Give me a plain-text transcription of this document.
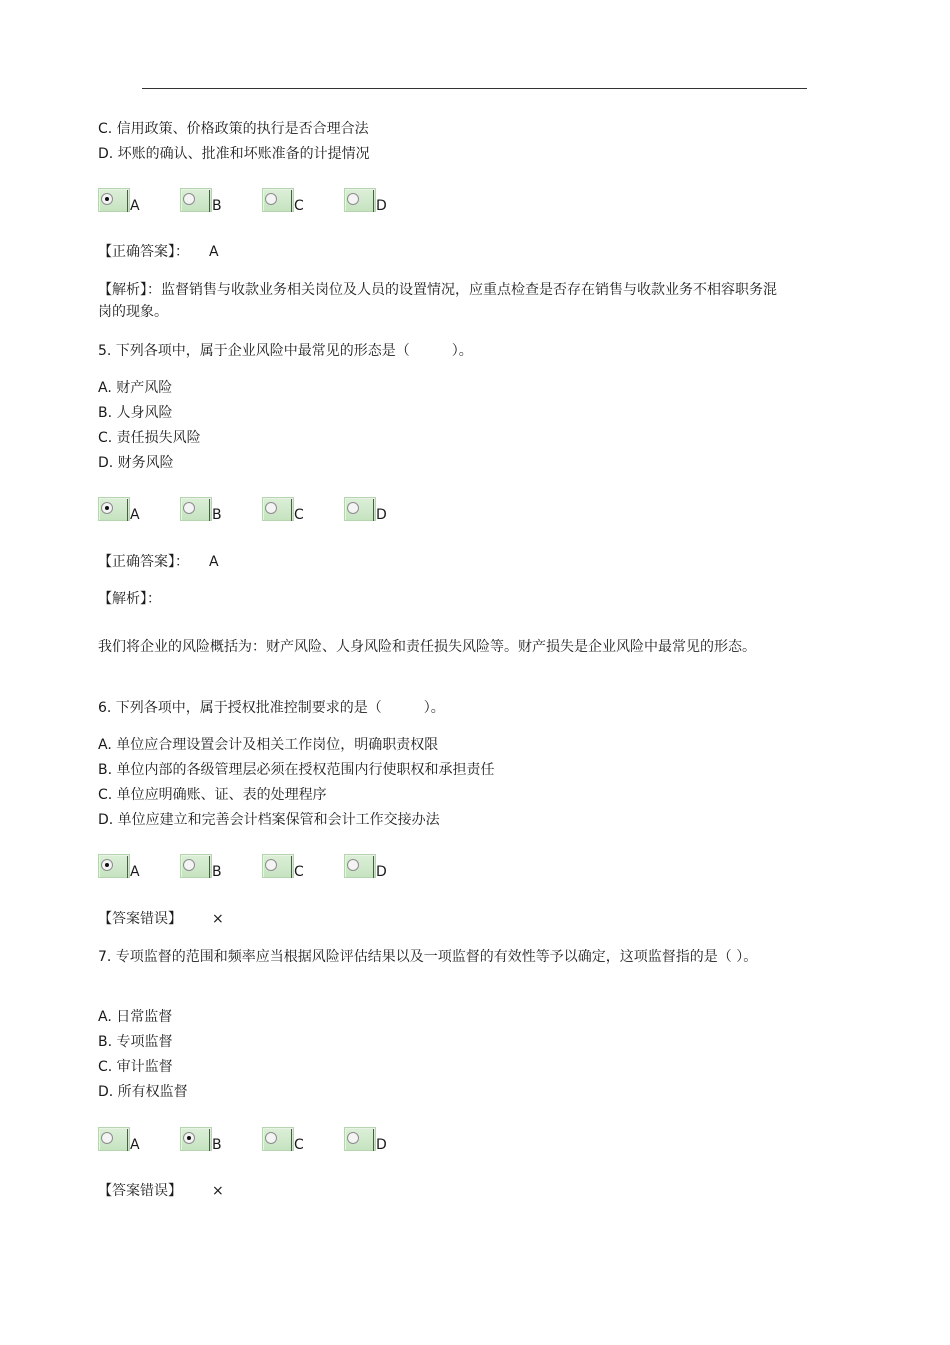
C. 信用政策、价格政策的执行是否合理合法
D. 坏账的确认、批准和坏账准备的计提情况
A	B	C	D
【正确答案】： A
【解析】：监督销售与收款业务相关岗位及人员的设置情况，应重点检查是否存在销售与收款业务不相容职务混岗的现象。
5. 下列各项中，属于企业风险中最常见的形态是（　　　）。
A. 财产风险
B. 人身风险
C. 责任损失风险
D. 财务风险
A	B	C	D
【正确答案】： A
【解析】：
我们将企业的风险概括为：财产风险、人身风险和责任损失风险等。财产损失是企业风险中最常见的形态。
6. 下列各项中，属于授权批准控制要求的是（　　　）。
A. 单位应合理设置会计及相关工作岗位，明确职责权限
B. 单位内部的各级管理层必须在授权范围内行使职权和承担责任
C. 单位应明确账、证、表的处理程序
D. 单位应建立和完善会计档案保管和会计工作交接办法
A	B	C	D
【答案错误】 ×
7. 专项监督的范围和频率应当根据风险评估结果以及一项监督的有效性等予以确定，这项监督指的是（ ）。
A. 日常监督
B. 专项监督
C. 审计监督
D. 所有权监督
A	B	C	D
【答案错误】 ×
